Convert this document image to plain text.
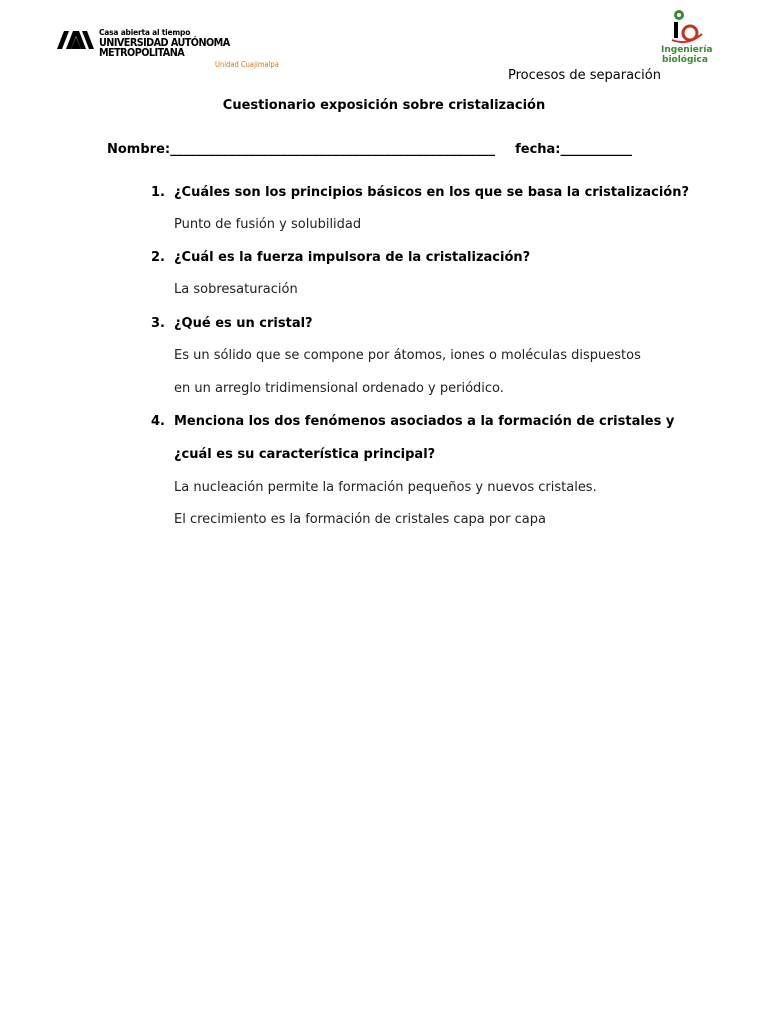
Casa abierta al tiempo
UNIVERSIDAD AUTÓNOMA METROPOLITANA
Unidad Cuajimalpa
Ingeniería
biológica
Procesos de separación
Cuestionario exposición sobre cristalización
Nombre:__________________________________________________ fecha:___________
1. ¿Cuáles son los principios básicos en los que se basa la cristalización?
Punto de fusión y solubilidad
2. ¿Cuál es la fuerza impulsora de la cristalización?
La sobresaturación
3. ¿Qué es un cristal?
Es un sólido que se compone por átomos, iones o moléculas dispuestos
en un arreglo tridimensional ordenado y periódico.
4. Menciona los dos fenómenos asociados a la formación de cristales y
¿cuál es su característica principal?
La nucleación permite la formación pequeños y nuevos cristales.
El crecimiento es la formación de cristales capa por capa
